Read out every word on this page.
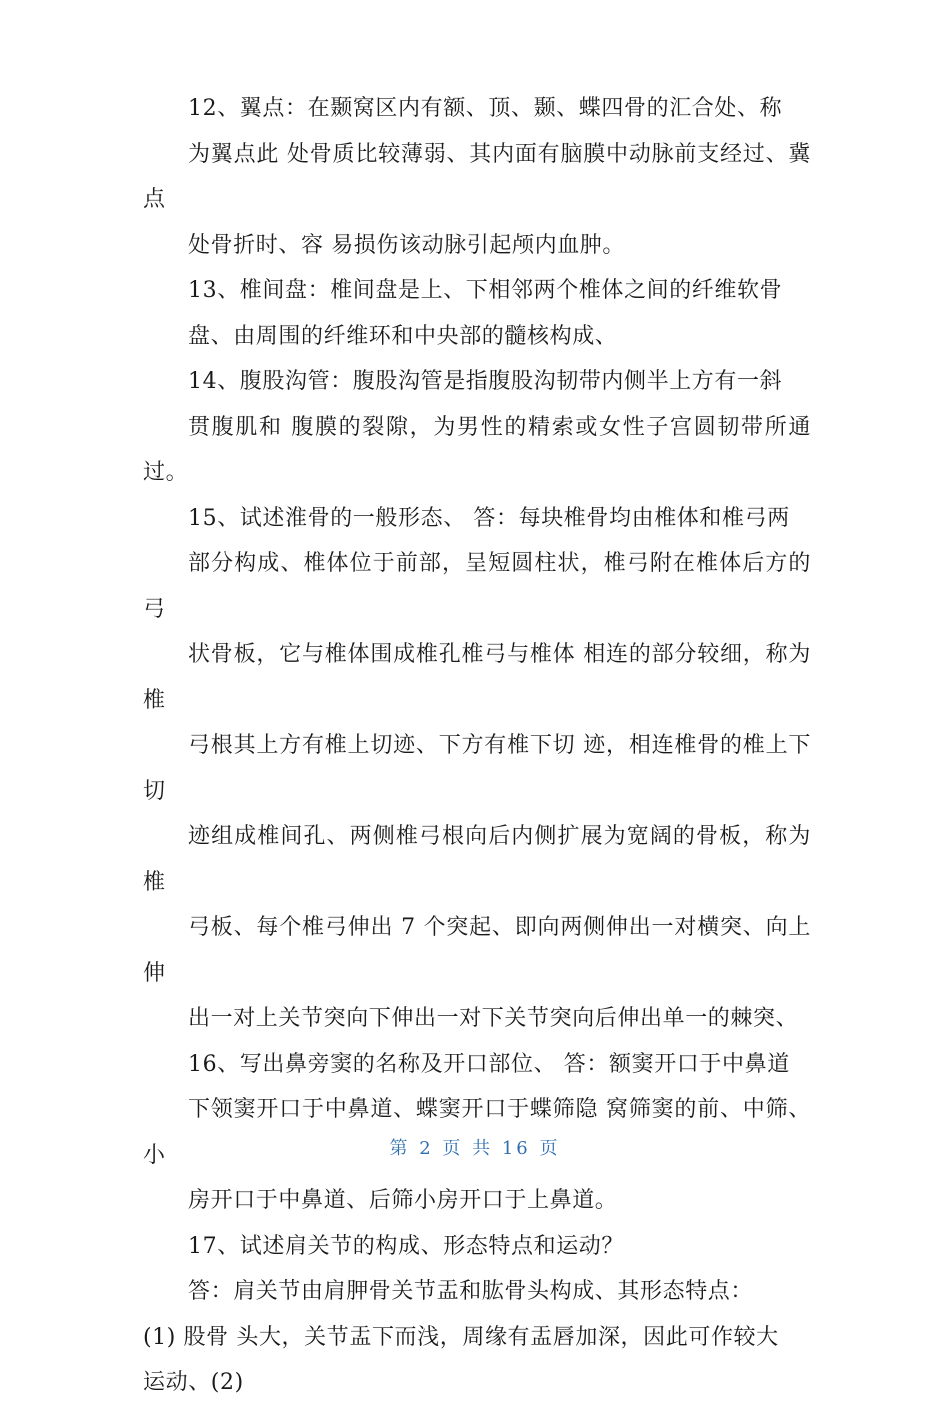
12、翼点：在颞窝区内有额、顶、颞、蝶四骨的汇合处、称
为翼点此 处骨质比较薄弱、其内面有脑膜中动脉前支经过、冀点
处骨折时、容 易损伤该动脉引起颅内血肿。

13、椎间盘：椎间盘是上、下相邻两个椎体之间的纤维软骨
盘、由周围的纤维环和中央部的髓核构成、

14、腹股沟管：腹股沟管是指腹股沟韧带内侧半上方有一斜
贯腹肌和 腹膜的裂隙，为男性的精索或女性子宫圆韧带所通过。

15、试述淮骨的一般形态、 答：每块椎骨均由椎体和椎弓两
部分构成、椎体位于前部，呈短圆柱状，椎弓附在椎体后方的弓
状骨板，它与椎体围成椎孔椎弓与椎体 相连的部分较细，称为椎
弓根其上方有椎上切迹、下方有椎下切 迹，相连椎骨的椎上下切
迹组成椎间孔、两侧椎弓根向后内侧扩展为宽阔的骨板，称为椎
弓板、每个椎弓伸出 7 个突起、即向两侧伸出一对横突、向上伸
出一对上关节突向下伸出一对下关节突向后伸出单一的棘突、

16、写出鼻旁窦的名称及开口部位、 答：额窦开口于中鼻道
下领窦开口于中鼻道、蝶窦开口于蝶筛隐 窝筛窦的前、中筛、小
房开口于中鼻道、后筛小房开口于上鼻道。

17、试述肩关节的构成、形态特点和运动？

答：肩关节由肩胛骨关节盂和肱骨头构成、其形态特点：

(1) 股骨 头大，关节盂下而浅，周缘有盂唇加深，因此可作较大
运动、(2)

第 2 页 共 16 页
